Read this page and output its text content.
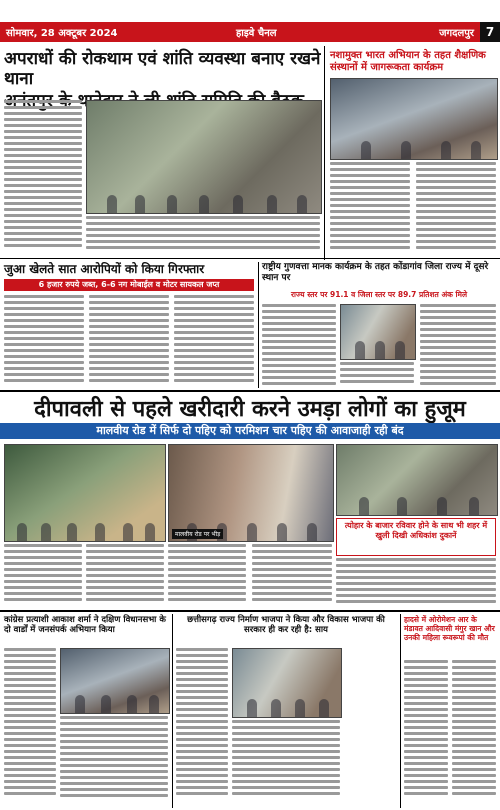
सोमवार, 28 अक्टूबर 2024	हाइवे चैनल	जगदलपुर 7
अपराधों की रोकथाम एवं शांति व्यवस्था बनाए रखने थाना
अनंतपुर
नशामुक्त भारत अभियान के तहत शैक्षणिक संस्थानों में जागरूकता कार्यक्रम
जुआ खेलते सात आरोपियों को किया गिरफ्तार
6 हजार रुपये जब्त, 6-6 नग मोबाईल व मोटर सायकल जप्त
राष्ट्रीय गुणवत्ता मानक कार्यक्रम के तहत कोंडागांव जिला राज्य में दूसरे स्थान पर
राज्य स्तर पर 91.1 व जिला स्तर पर 89.7 प्रतिशत अंक मिले
दीपावली से पहले खरीदारी करने उमड़ा लोगों का हुजूम
मालवीय रोड में सिर्फ दो पहिए को परमिशन चार पहिए की आवाजाही रही बंद
मालवीय रोड पर भीड़
त्योहार के बाजार रविवार होने के साथ भी शहर में खुली दिखी अधिकांश दुकानें
कांग्रेस प्रत्याशी आकाश शर्मा ने दक्षिण विधानसभा के दो वार्डों में जनसंपर्क अभियान किया
छत्तीसगढ़ राज्य निर्माण भाजपा ने किया और विकास भाजपा की सरकार ही कर रही है: साय
हादसे में ओरोमेशन आर के मंडावत आदिवासी मंगुर खान और उनकी महिला रूवरूपां की मौत
